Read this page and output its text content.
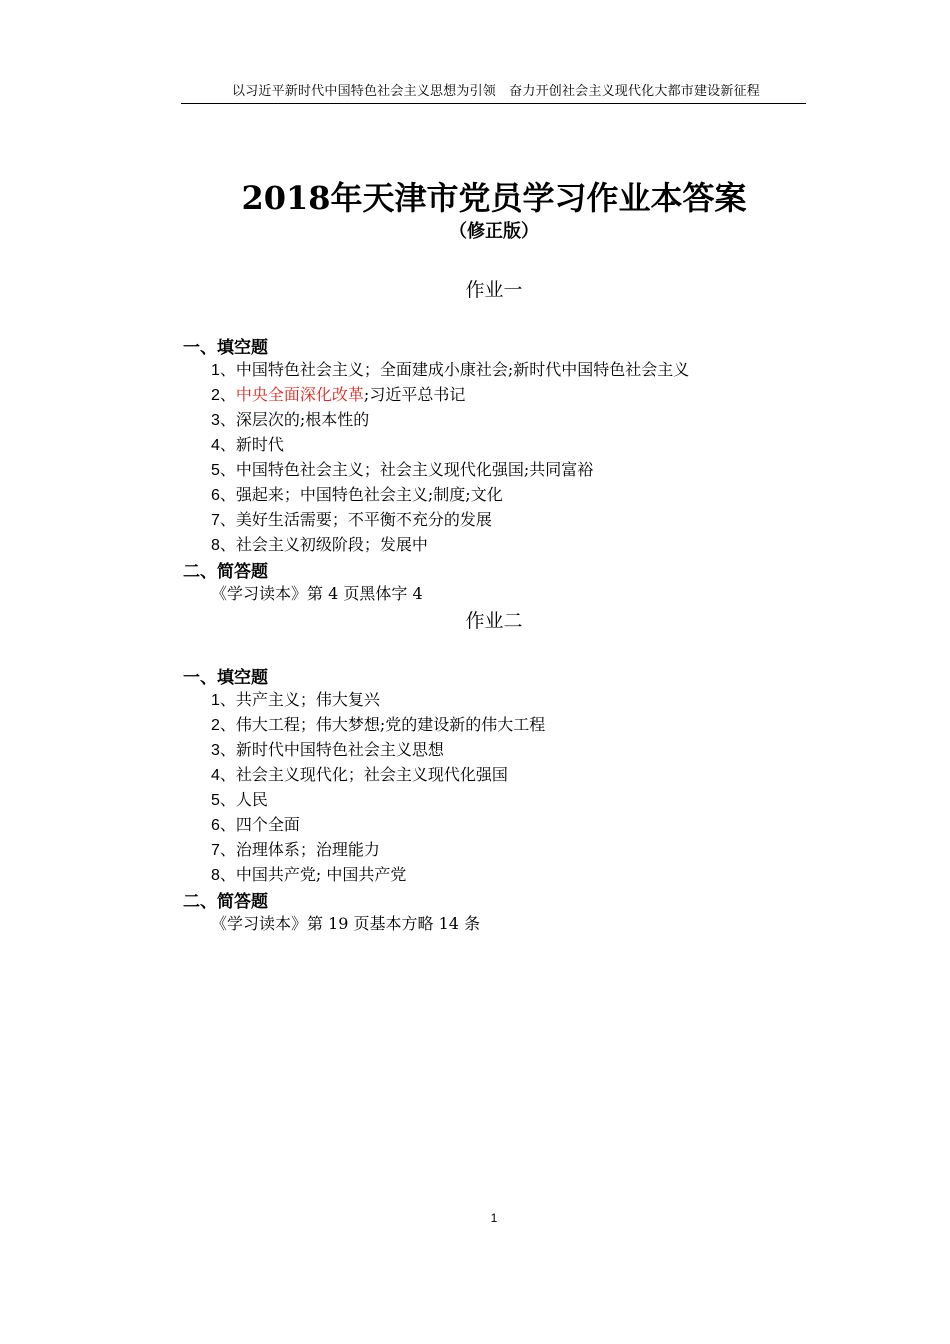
以习近平新时代中国特色社会主义思想为引领　奋力开创社会主义现代化大都市建设新征程
2018年天津市党员学习作业本答案
（修正版）
作业一
一、填空题
1、中国特色社会主义；全面建成小康社会;新时代中国特色社会主义
2、中央全面深化改革;习近平总书记
3、深层次的;根本性的
4、新时代
5、中国特色社会主义；社会主义现代化强国;共同富裕
6、强起来；中国特色社会主义;制度;文化
7、美好生活需要；不平衡不充分的发展
8、社会主义初级阶段；发展中
二、简答题
《学习读本》第 4 页黑体字 4
作业二
一、填空题
1、共产主义；伟大复兴
2、伟大工程；伟大梦想;党的建设新的伟大工程
3、新时代中国特色社会主义思想
4、社会主义现代化；社会主义现代化强国
5、人民
6、四个全面
7、治理体系；治理能力
8、中国共产党; 中国共产党
二、简答题
《学习读本》第 19 页基本方略 14 条
1
